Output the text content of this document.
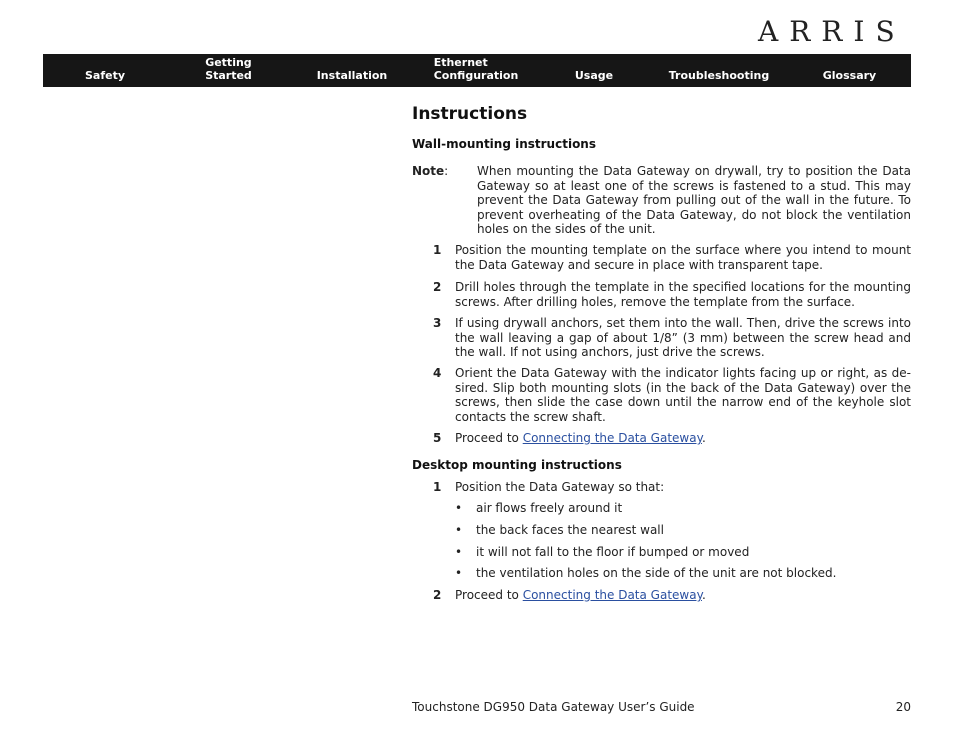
ARRIS
Safety
Getting
Started	Installation
Ethernet
Configuration	Usage	Troubleshooting	Glossary
Instructions
Wall-mounting instructions
Note: When mounting the Data Gateway on drywall, try to position the Data Gateway so at least one of the screws is fastened to a stud. This may prevent the Data Gateway from pulling out of the wall in the future. To prevent overheating of the Data Gateway, do not block the ventilation holes on the sides of the unit.
1 Position the mounting template on the surface where you intend to mount the Data Gateway and secure in place with transparent tape.
2 Drill holes through the template in the specified locations for the mounting screws. After drilling holes, remove the template from the surface.
3 If using drywall anchors, set them into the wall. Then, drive the screws into the wall leaving a gap of about 1/8” (3 mm) between the screw head and the wall. If not using anchors, just drive the screws.
4 Orient the Data Gateway with the indicator lights facing up or right, as de-sired. Slip both mounting slots (in the back of the Data Gateway) over the screws, then slide the case down until the narrow end of the keyhole slot contacts the screw shaft.
5 Proceed to Connecting the Data Gateway.
Desktop mounting instructions
1 Position the Data Gateway so that:
• air flows freely around it
• the back faces the nearest wall
• it will not fall to the floor if bumped or moved
• the ventilation holes on the side of the unit are not blocked.
2 Proceed to Connecting the Data Gateway.
Touchstone DG950 Data Gateway User’s Guide	20
